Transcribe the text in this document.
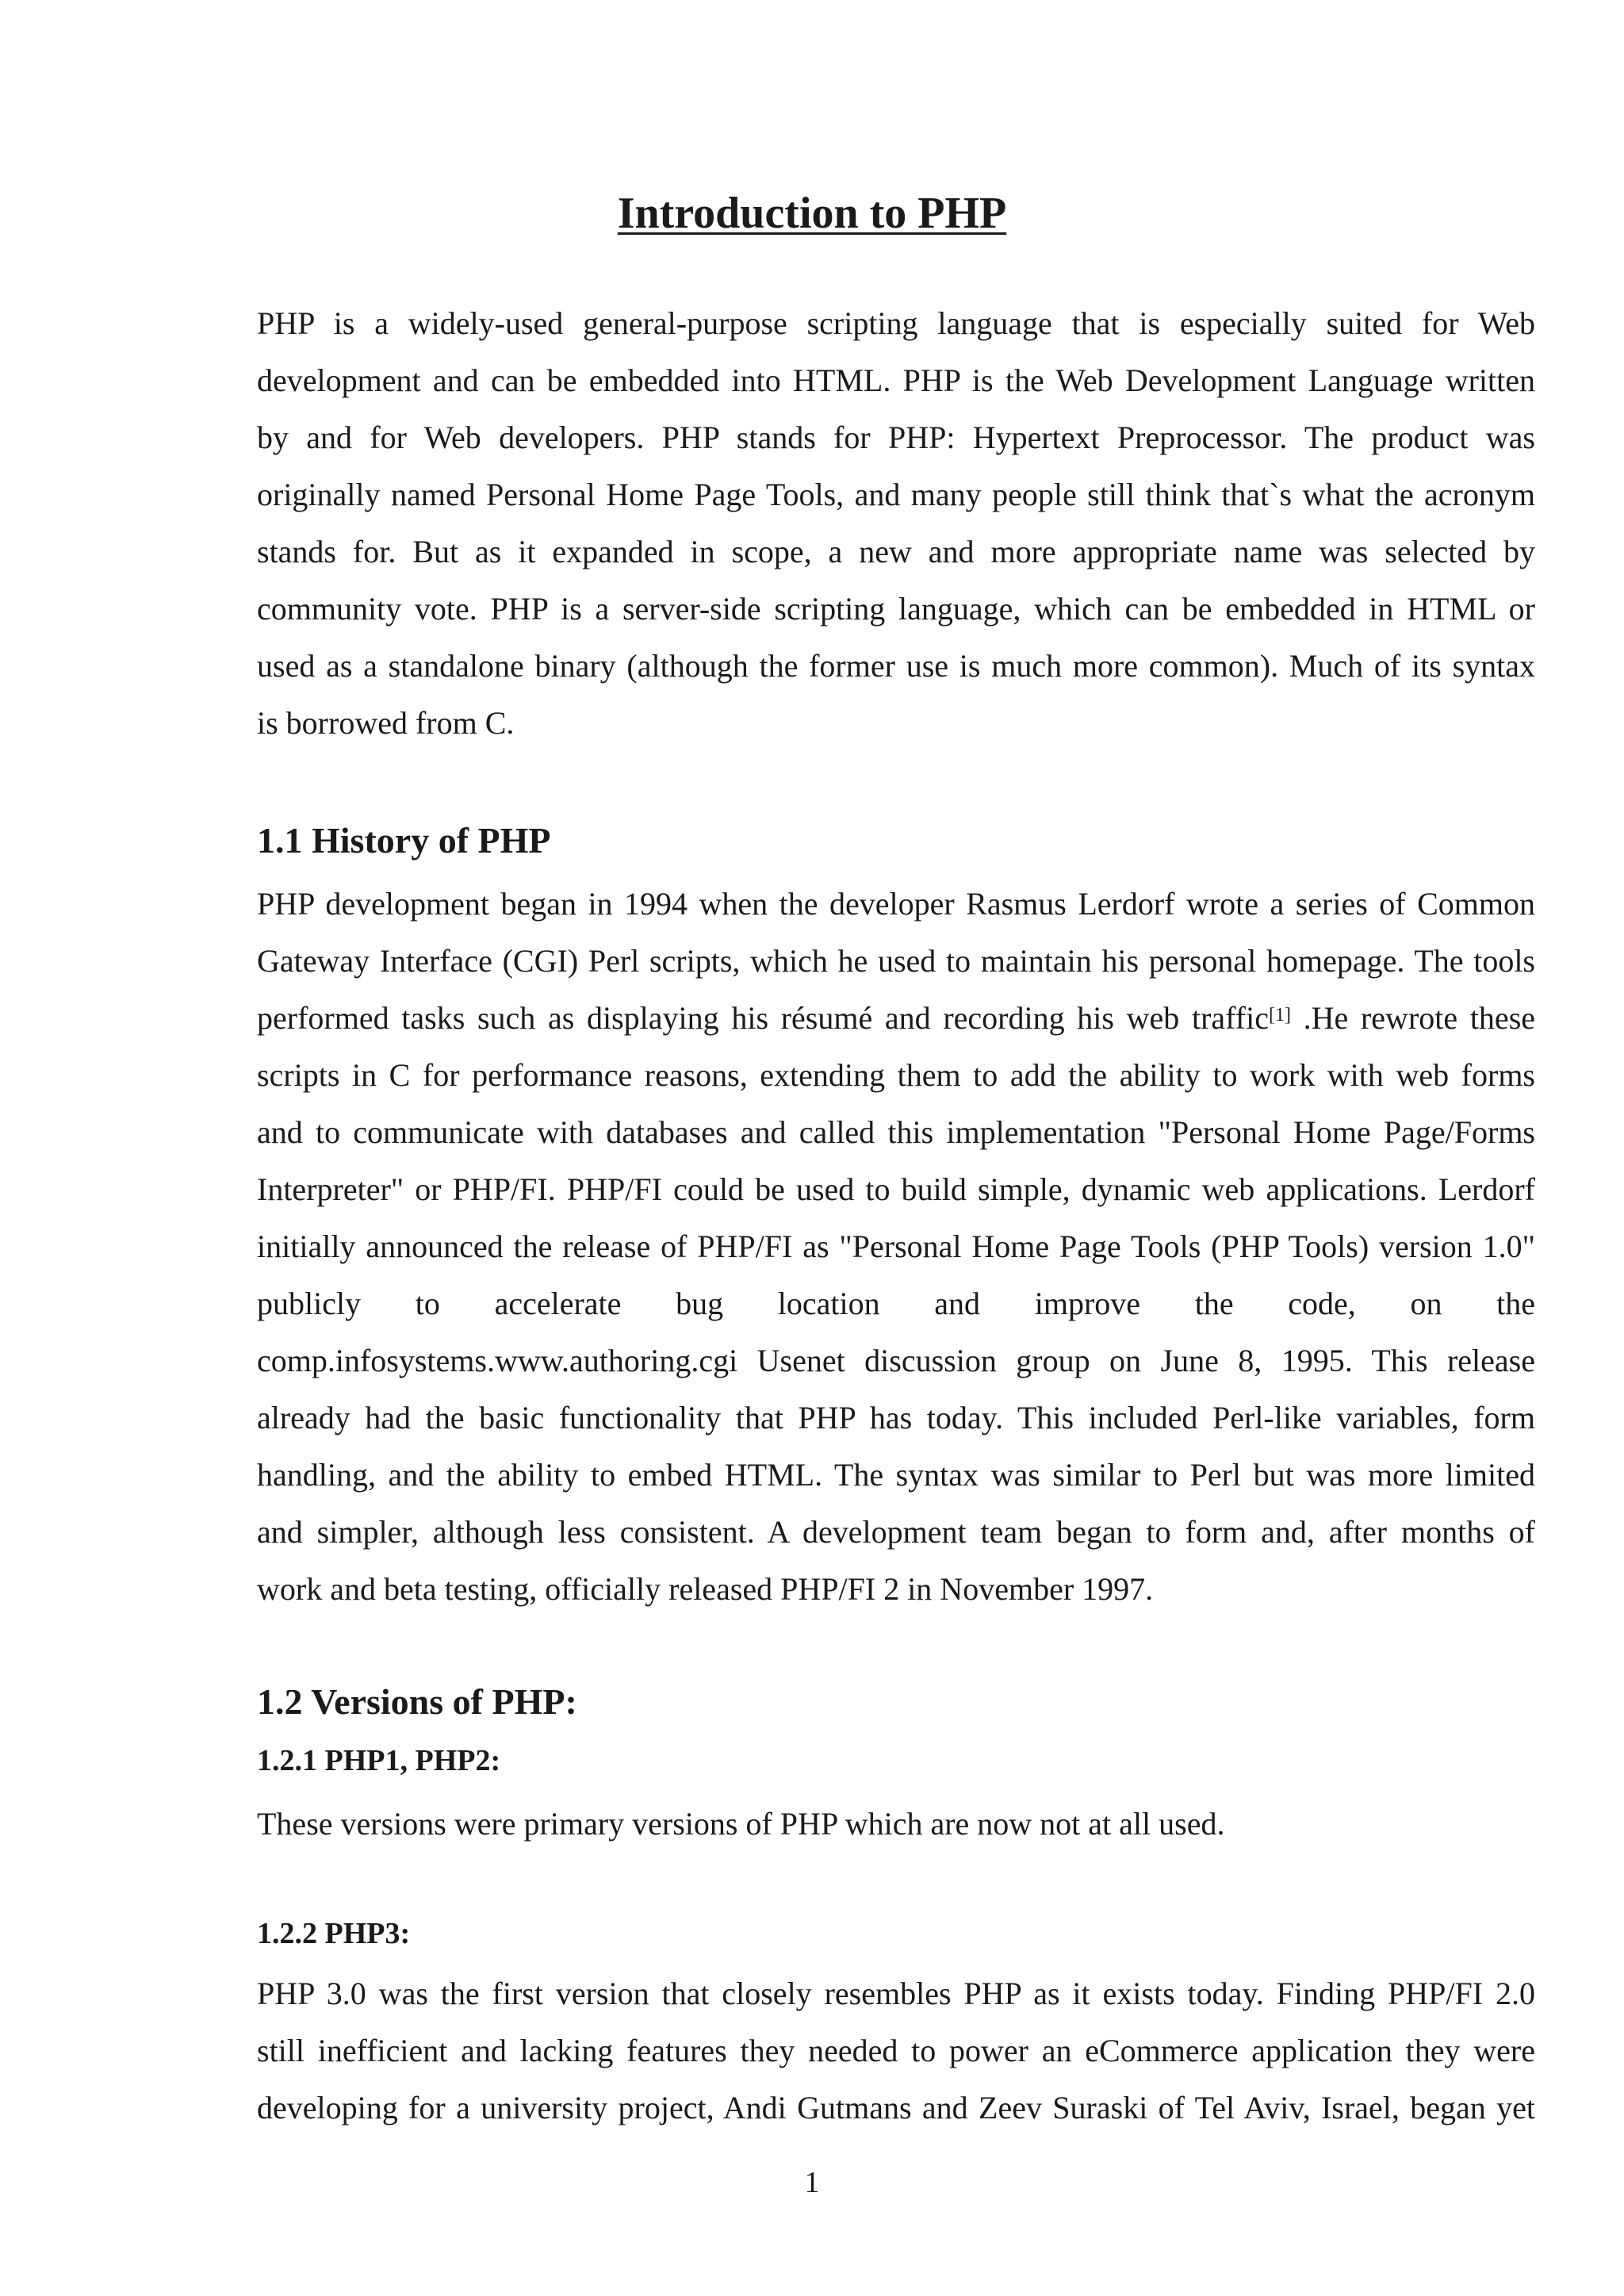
Introduction to PHP
PHP is a widely-used general-purpose scripting language that is especially suited for Web
development and can be embedded into HTML. PHP is the Web Development Language written
by and for Web developers. PHP stands for PHP: Hypertext Preprocessor. The product was
originally named Personal Home Page Tools, and many people still think that`s what the acronym
stands for. But as it expanded in scope, a new and more appropriate name was selected by
community vote. PHP is a server-side scripting language, which can be embedded in HTML or
used as a standalone binary (although the former use is much more common). Much of its syntax
is borrowed from C.
1.1 History of PHP
PHP development began in 1994 when the developer Rasmus Lerdorf wrote a series of Common
Gateway Interface (CGI) Perl scripts, which he used to maintain his personal homepage. The tools
performed tasks such as displaying his résumé and recording his web traffic[1] .He rewrote these
scripts in C for performance reasons, extending them to add the ability to work with web forms
and to communicate with databases and called this implementation "Personal Home Page/Forms
Interpreter" or PHP/FI. PHP/FI could be used to build simple, dynamic web applications. Lerdorf
initially announced the release of PHP/FI as "Personal Home Page Tools (PHP Tools) version 1.0"
publicly to accelerate bug location and improve the code, on the
comp.infosystems.www.authoring.cgi Usenet discussion group on June 8, 1995. This release
already had the basic functionality that PHP has today. This included Perl-like variables, form
handling, and the ability to embed HTML. The syntax was similar to Perl but was more limited
and simpler, although less consistent. A development team began to form and, after months of
work and beta testing, officially released PHP/FI 2 in November 1997.
1.2 Versions of PHP:
1.2.1 PHP1, PHP2:
These versions were primary versions of PHP which are now not at all used.
1.2.2 PHP3:
PHP 3.0 was the first version that closely resembles PHP as it exists today. Finding PHP/FI 2.0
still inefficient and lacking features they needed to power an eCommerce application they were
developing for a university project, Andi Gutmans and Zeev Suraski of Tel Aviv, Israel, began yet

1
